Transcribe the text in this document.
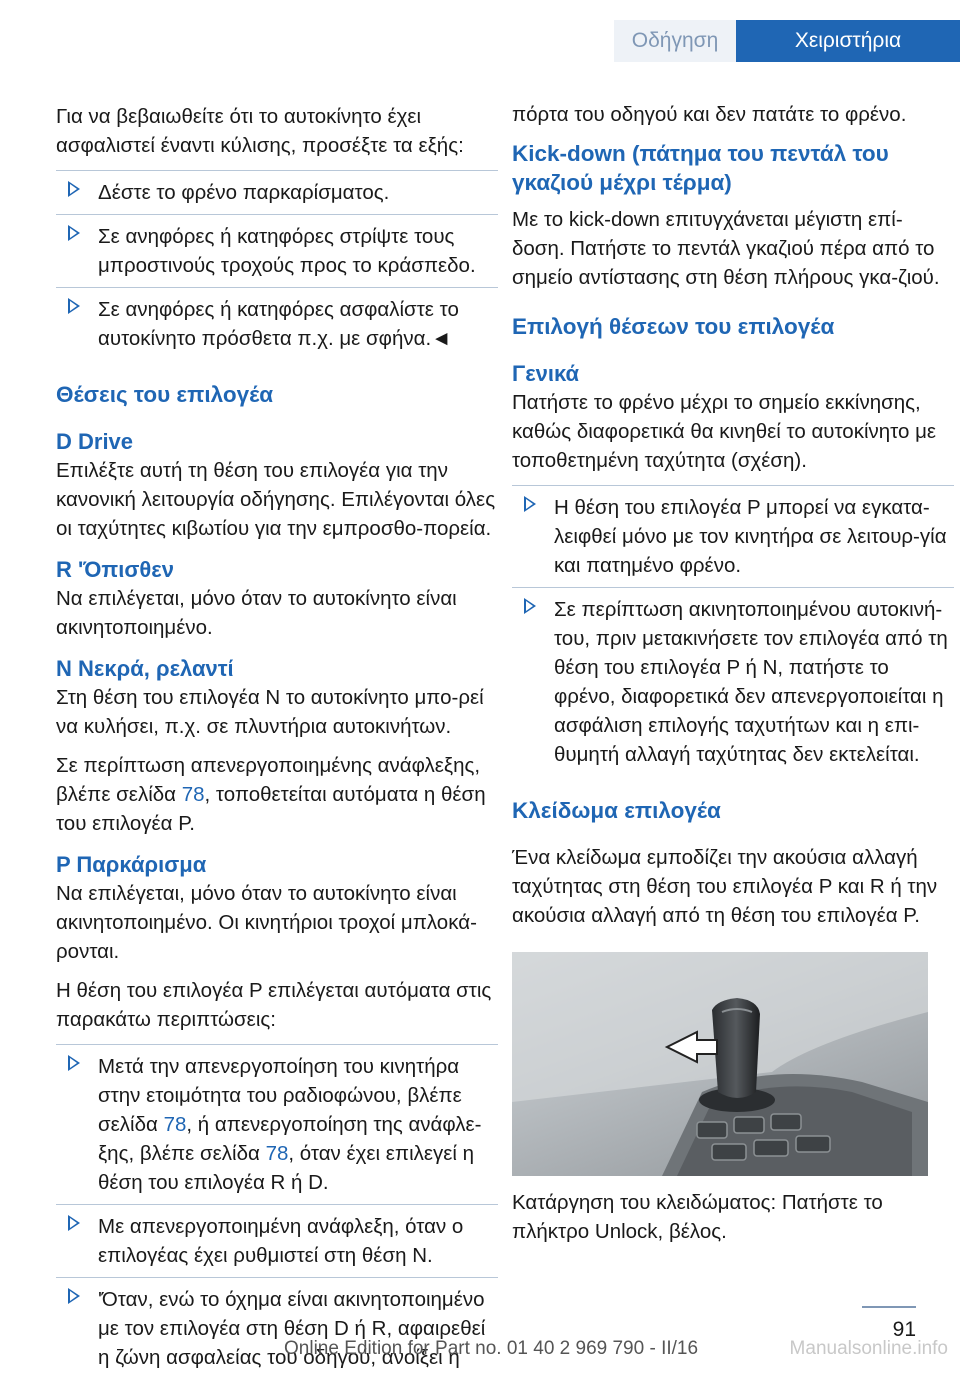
Οδήγηση	Χειριστήρια

Για να βεβαιωθείτε ότι το αυτοκίνητο έχει ασφαλιστεί έναντι κύλισης, προσέξτε τα εξής:

Δέστε το φρένο παρκαρίσματος.
Σε ανηφόρες ή κατηφόρες στρίψτε τους μπροστινούς τροχούς προς το κράσπεδο.
Σε ανηφόρες ή κατηφόρες ασφαλίστε το αυτοκίνητο πρόσθετα π.χ. με σφήνα.◄
Θέσεις του επιλογέα
D Drive

Επιλέξτε αυτή τη θέση του επιλογέα για την κανονική λειτουργία οδήγησης. Επιλέγονται όλες οι ταχύτητες κιβωτίου για την εμπροσθο-πορεία.

R 'Όπισθεν

Να επιλέγεται, μόνο όταν το αυτοκίνητο είναι ακινητοποιημένο.

N Νεκρά, ρελαντί

Στη θέση του επιλογέα N το αυτοκίνητο μπο-ρεί να κυλήσει, π.χ. σε πλυντήρια αυτοκινήτων.

Σε περίπτωση απενεργοποιημένης ανάφλεξης, βλέπε σελίδα 78, τοποθετείται αυτόματα η θέση του επιλογέα P.

P Παρκάρισμα

Να επιλέγεται, μόνο όταν το αυτοκίνητο είναι ακινητοποιημένο. Οι κινητήριοι τροχοί μπλοκά-ρονται.

Η θέση του επιλογέα P επιλέγεται αυτόματα στις παρακάτω περιπτώσεις:

Μετά την απενεργοποίηση του κινητήρα στην ετοιμότητα του ραδιοφώνου, βλέπε σελίδα 78, ή απενεργοποίηση της ανάφλε-ξης, βλέπε σελίδα 78, όταν έχει επιλεγεί η θέση του επιλογέα R ή D.
Με απενεργοποιημένη ανάφλεξη, όταν ο επιλογέας έχει ρυθμιστεί στη θέση N.
'Όταν, ενώ το όχημα είναι ακινητοποιημένο με τον επιλογέα στη θέση D ή R, αφαιρεθεί η ζώνη ασφαλείας του οδηγού, ανοίξει η

πόρτα του οδηγού και δεν πατάτε το φρένο.

Kick-down (πάτημα του πεντάλ του γκαζιού μέχρι τέρμα)

Με το kick-down επιτυγχάνεται μέγιστη επί-δοση. Πατήστε το πεντάλ γκαζιού πέρα από το σημείο αντίστασης στη θέση πλήρους γκα-ζιού.

Επιλογή θέσεων του επιλογέα
Γενικά

Πατήστε το φρένο μέχρι το σημείο εκκίνησης, καθώς διαφορετικά θα κινηθεί το αυτοκίνητο με τοποθετημένη ταχύτητα (σχέση).

Η θέση του επιλογέα P μπορεί να εγκατα-λειφθεί μόνο με τον κινητήρα σε λειτουρ-γία και πατημένο φρένο.
Σε περίπτωση ακινητοποιημένου αυτοκινή-του, πριν μετακινήσετε τον επιλογέα από τη θέση του επιλογέα P ή N, πατήστε το φρένο, διαφορετικά δεν απενεργοποιείται η ασφάλιση επιλογής ταχυτήτων και η επι-θυμητή αλλαγή ταχύτητας δεν εκτελείται.
Κλείδωμα επιλογέα

Ένα κλείδωμα εμποδίζει την ακούσια αλλαγή ταχύτητας στη θέση του επιλογέα P και R ή την ακούσια αλλαγή από τη θέση του επιλογέα P.

Κατάργηση του κλειδώματος: Πατήστε το πλήκτρο Unlock, βέλος.

91
Online Edition for Part no. 01 40 2 969 790 - II/16	Manualsonline.info
